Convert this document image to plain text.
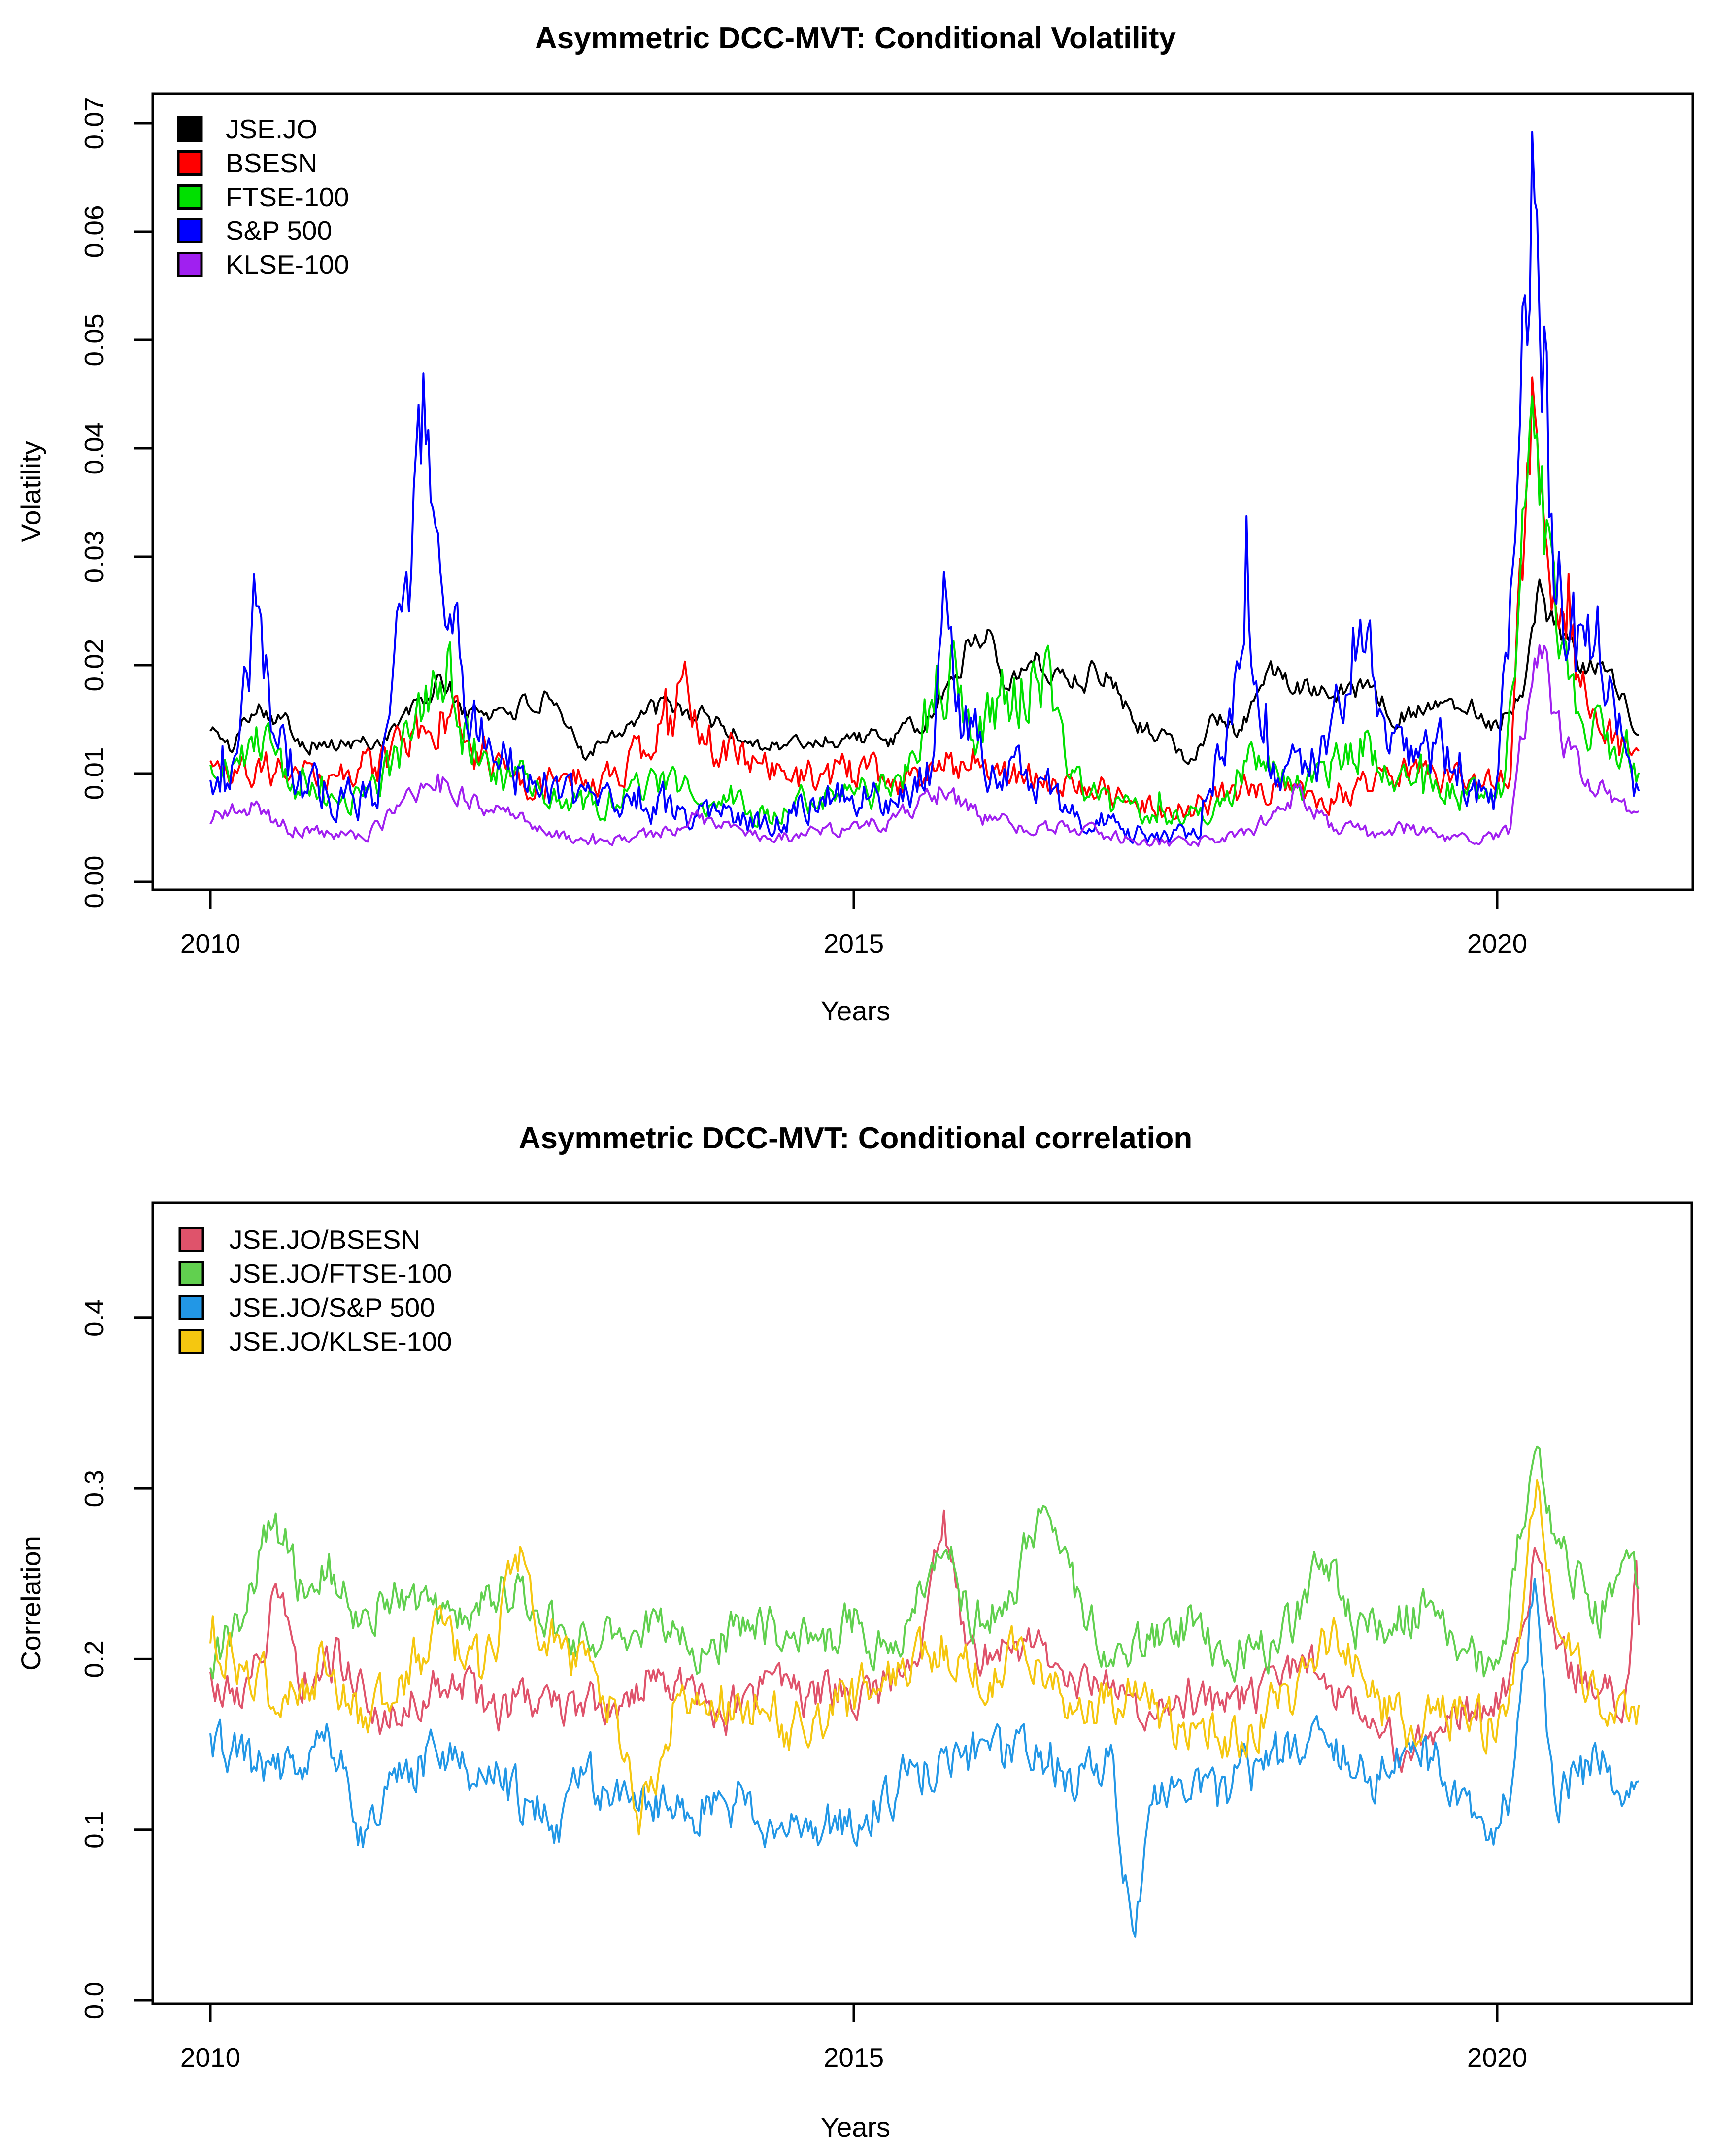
Asymmetric DCC-MVT: Conditional Volatility
Volatility
Years
Asymmetric DCC-MVT: Conditional correlation
Correlation
Years
2010	2015	2020
0.00
0.01
0.02
0.03
0.04
0.05
0.06
0.07	JSE.JO
BSESN
FTSE-100
S&P 500
KLSE-100
2010	2015	2020
0.0
0.1
0.2
0.3
0.4
JSE.JO/BSESN
JSE.JO/FTSE-100
JSE.JO/S&P 500
JSE.JO/KLSE-100
